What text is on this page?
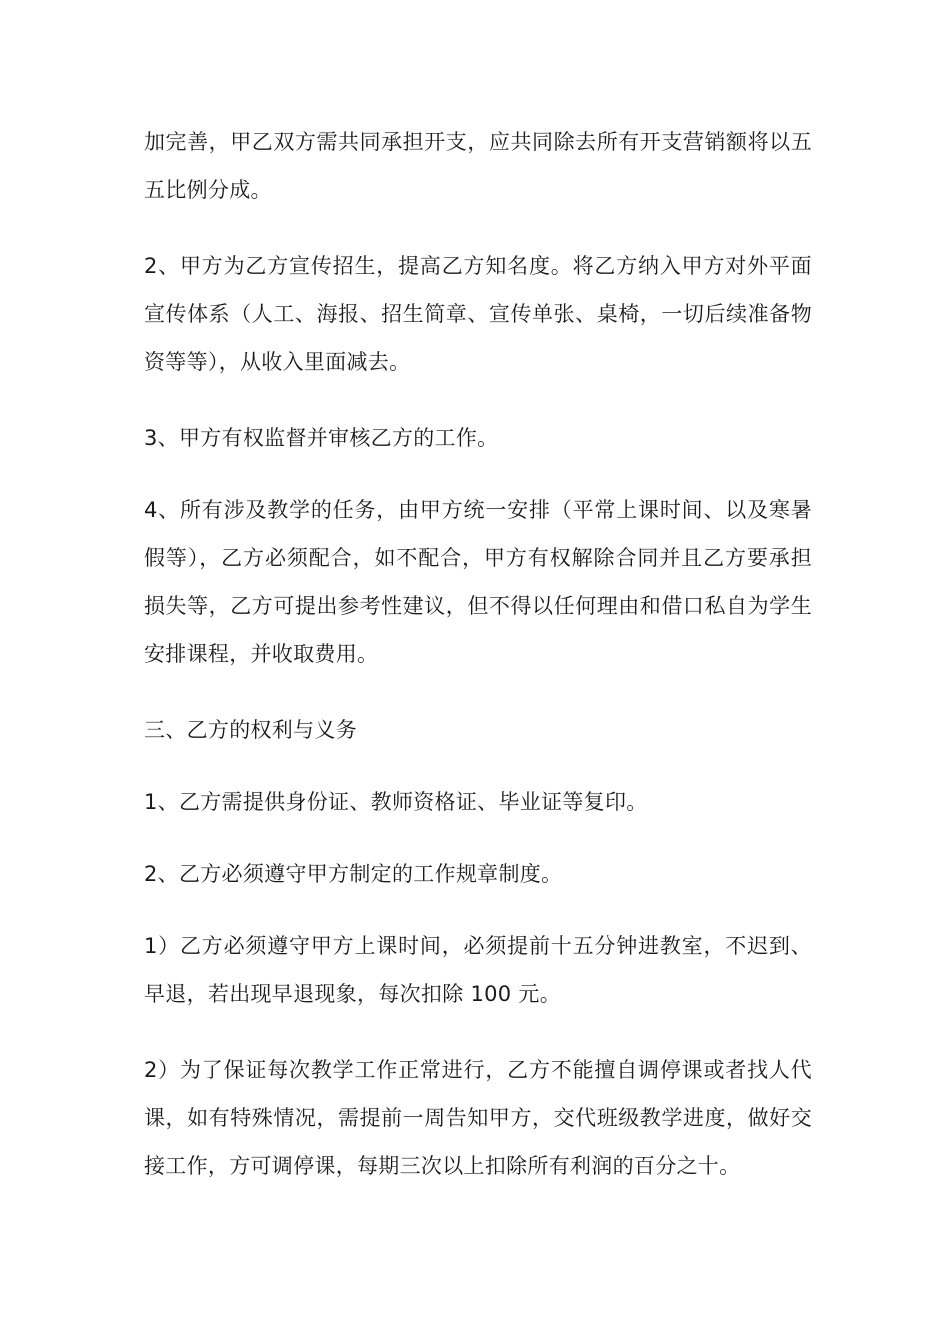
加完善，甲乙双方需共同承担开支，应共同除去所有开支营销额将以五五比例分成。

2、甲方为乙方宣传招生，提高乙方知名度。将乙方纳入甲方对外平面宣传体系（人工、海报、招生简章、宣传单张、桌椅，一切后续准备物资等等），从收入里面减去。

3、甲方有权监督并审核乙方的工作。

4、所有涉及教学的任务，由甲方统一安排（平常上课时间、以及寒暑假等），乙方必须配合，如不配合，甲方有权解除合同并且乙方要承担损失等，乙方可提出参考性建议，但不得以任何理由和借口私自为学生安排课程，并收取费用。

三、乙方的权利与义务

1、乙方需提供身份证、教师资格证、毕业证等复印。

2、乙方必须遵守甲方制定的工作规章制度。

1）乙方必须遵守甲方上课时间，必须提前十五分钟进教室，不迟到、早退，若出现早退现象，每次扣除 100 元。

2）为了保证每次教学工作正常进行，乙方不能擅自调停课或者找人代课，如有特殊情况，需提前一周告知甲方，交代班级教学进度，做好交接工作，方可调停课，每期三次以上扣除所有利润的百分之十。
